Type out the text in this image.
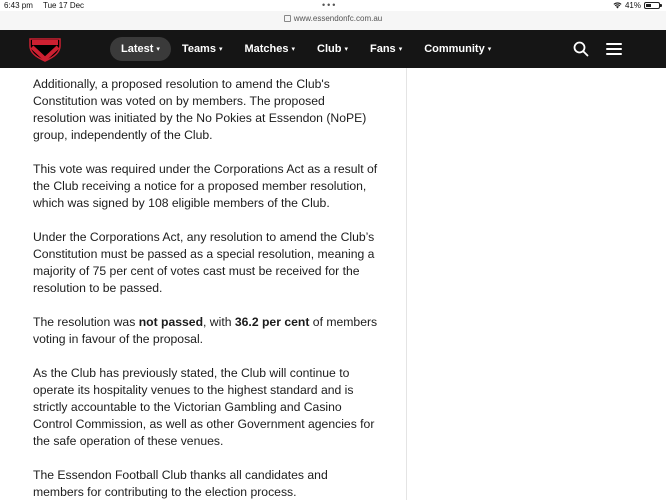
6:43 pm Tue 17 Dec	•••	41%
www.essendonfc.com.au
Latest ▾	Teams ▾	Matches ▾	Club ▾	Fans ▾	Community ▾

Additionally, a proposed resolution to amend the Club's Constitution was voted on by members. The proposed resolution was initiated by the No Pokies at Essendon (NoPE) group, independently of the Club.

This vote was required under the Corporations Act as a result of the Club receiving a notice for a proposed member resolution, which was signed by 108 eligible members of the Club.

Under the Corporations Act, any resolution to amend the Club’s Constitution must be passed as a special resolution, meaning a majority of 75 per cent of votes cast must be received for the resolution to be passed.

The resolution was not passed, with 36.2 per cent of members voting in favour of the proposal.

As the Club has previously stated, the Club will continue to operate its hospitality venues to the highest standard and is strictly accountable to the Victorian Gambling and Casino Control Commission, as well as other Government agencies for the safe operation of these venues.

The Essendon Football Club thanks all candidates and members for contributing to the election process.
